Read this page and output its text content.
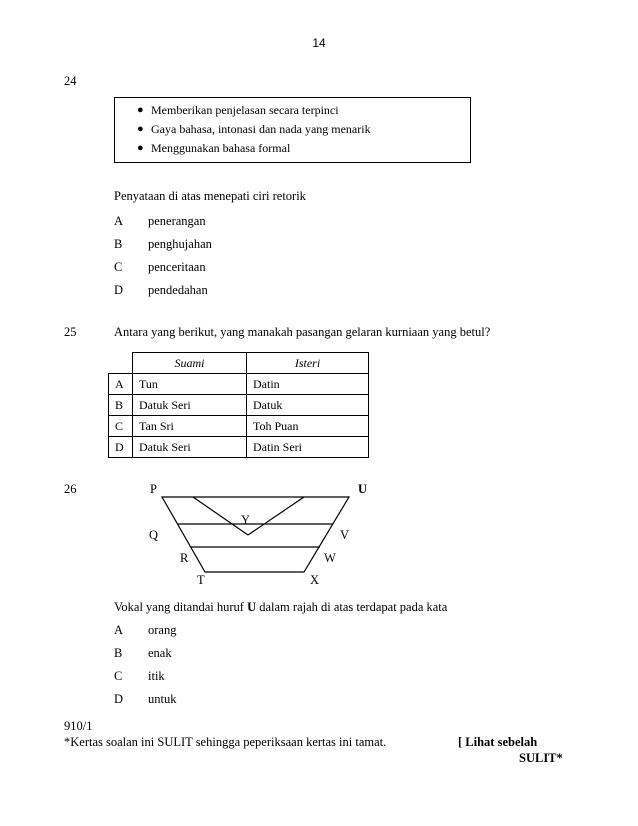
14
24
● Memberikan penjelasan secara terpinci
● Gaya bahasa, intonasi dan nada yang menarik
● Menggunakan bahasa formal
Penyataan di atas menepati ciri retorik
A penerangan
B penghujahan
C penceritaan
D pendedahan
25	Antara yang berikut, yang manakah pasangan gelaran kurniaan yang betul?
	Suami	Isteri
A	Tun	Datin
B	Datuk Seri	Datuk
C	Tan Sri	Toh Puan
D	Datuk Seri	Datin Seri
26	P	U
Y
Q	V
R	W
T	X
Vokal yang ditandai huruf U dalam rajah di atas terdapat pada kata
A orang
B enak
C itik
D untuk
910/1
*Kertas soalan ini SULIT sehingga peperiksaan kertas ini tamat.	[ Lihat sebelah
SULIT*
